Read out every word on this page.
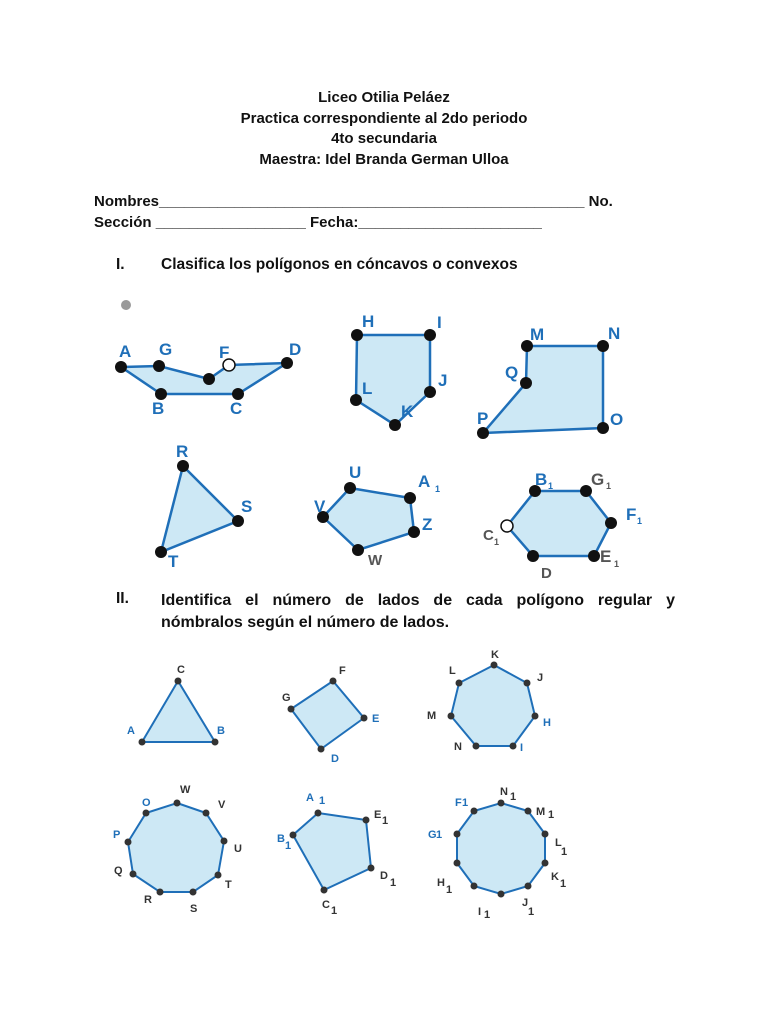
Liceo Otilia Peláez
Practica correspondiente al 2do periodo
4to secundaria
Maestra: Idel Branda German Ulloa
Nombres___________________________________________________ No.
Sección __________________ Fecha:______________________
I. Clasifica los polígonos en cóncavos o convexos
A G	F	D
B	C
H	I
L	J
K
M	N
Q
P	O
R
S
T
U	A 1
V
Z
W
B 1 G 1
F 1
C 1
E 1
D
II. Identifica el número de lados de cada polígono regular y nómbralos según el número de lados.
C
A	B
F
G
E
D
K
L
J
M
H
N	I
W
O	V
P
U
Q
T
R
S
A 1
E 1
B
1
D
1
C 1
N 1
F 1
M 1
G 1
L
1
H
1
K
1
I 1
J
1
